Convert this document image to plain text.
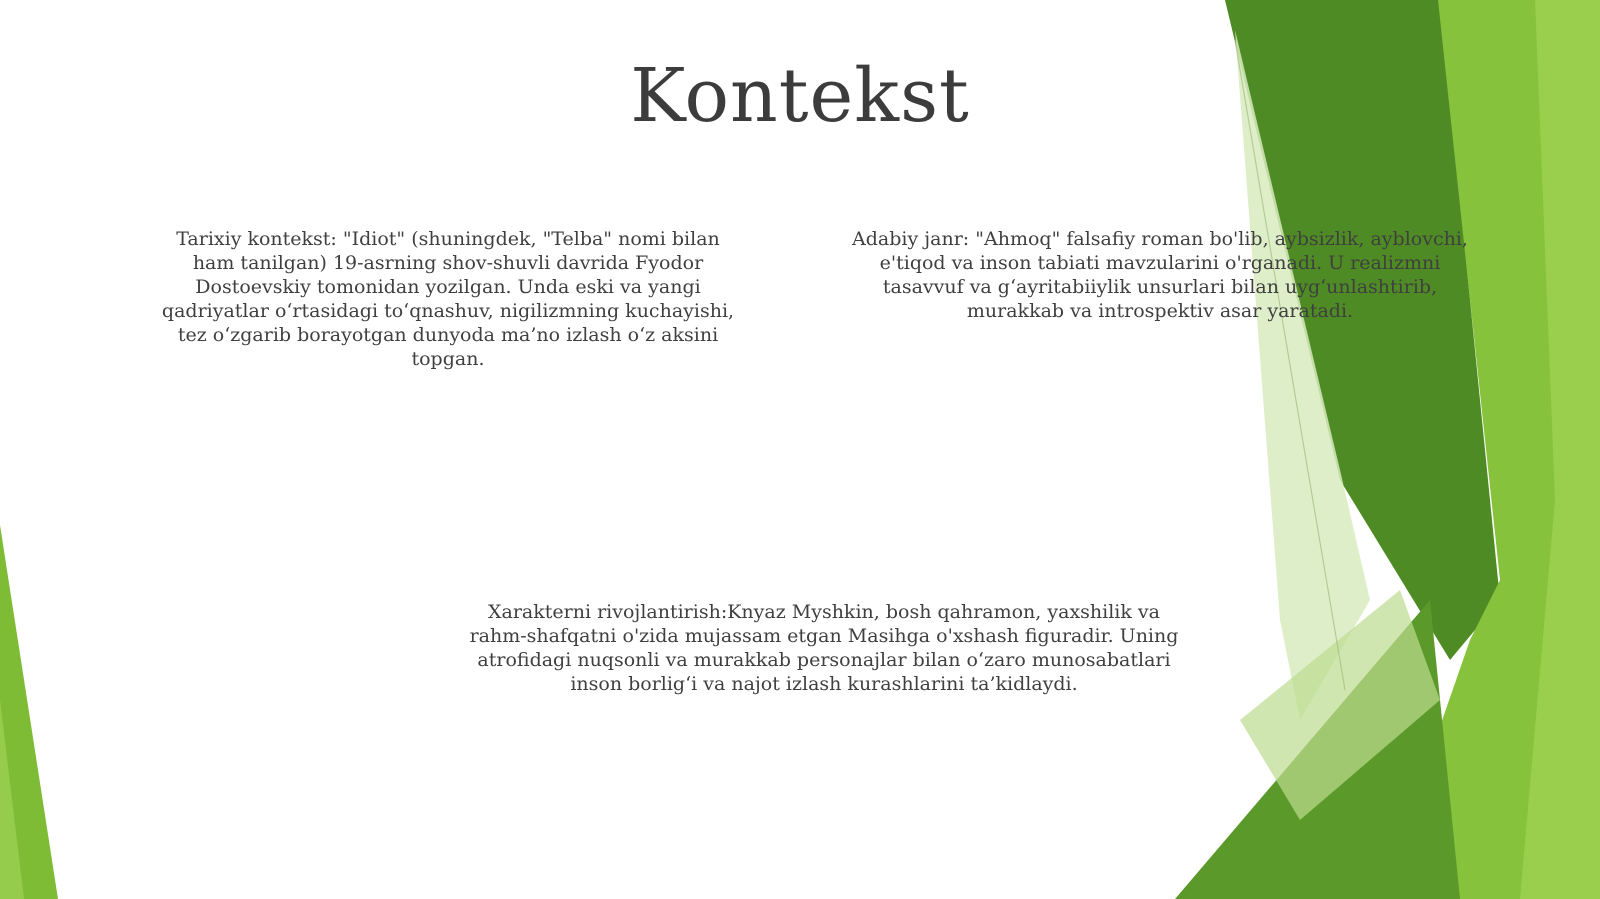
Kontekst

Tarixiy kontekst: "Idiot" (shuningdek, "Telba" nomi bilan ham tanilgan) 19-asrning shov-shuvli davrida Fyodor Dostoevskiy tomonidan yozilgan. Unda eski va yangi qadriyatlar o‘rtasidagi to‘qnashuv, nigilizmning kuchayishi, tez o‘zgarib borayotgan dunyoda ma’no izlash o‘z aksini topgan.

Adabiy janr: "Ahmoq" falsafiy roman bo'lib, aybsizlik, ayblovchi, e'tiqod va inson tabiati mavzularini o'rganadi. U realizmni tasavvuf va g‘ayritabiiylik unsurlari bilan uyg‘unlashtirib, murakkab va introspektiv asar yaratadi.

Xarakterni rivojlantirish:Knyaz Myshkin, bosh qahramon, yaxshilik va rahm-shafqatni o'zida mujassam etgan Masihga o'xshash figuradir. Uning atrofidagi nuqsonli va murakkab personajlar bilan o‘zaro munosabatlari inson borlig‘i va najot izlash kurashlarini ta’kidlaydi.
